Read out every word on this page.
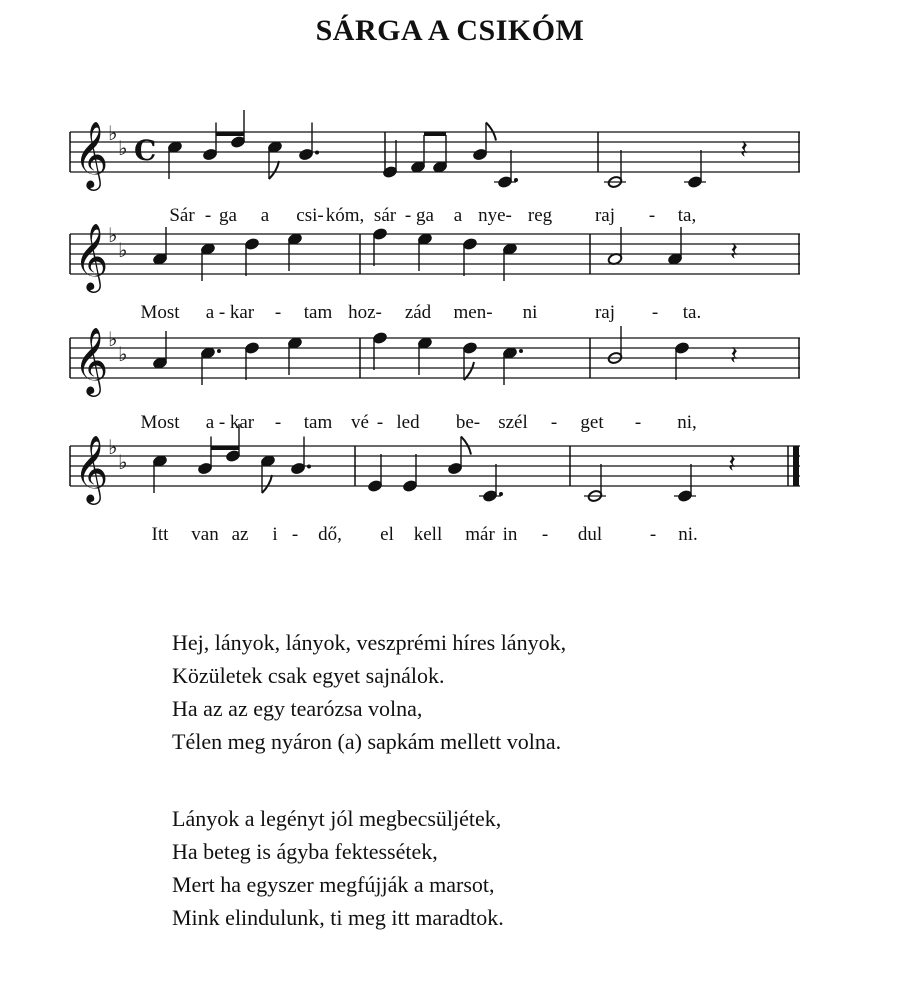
SÁRGA A CSIKÓM
𝄞 ♭
♭ C	𝄽
Sár - ga a csi- kóm, sár - ga a nye- reg raj - ta,
𝄞 ♭
♭	𝄽
Most a - kar - tam hoz- zád men- ni	raj - ta.
𝄞 ♭
♭	𝄽
Most a - kar - tam vé - led be- szél - get - ni,
𝄞 ♭
♭	𝄽
Itt van az i - dő, el kell már in - dul	- ni.
Hej, lányok, lányok, veszprémi híres lányok,
Közületek csak egyet sajnálok.
Ha az az egy tearózsa volna,
Télen meg nyáron (a) sapkám mellett volna.
Lányok a legényt jól megbecsüljétek,
Ha beteg is ágyba fektessétek,
Mert ha egyszer megfújják a marsot,
Mink elindulunk, ti meg itt maradtok.
